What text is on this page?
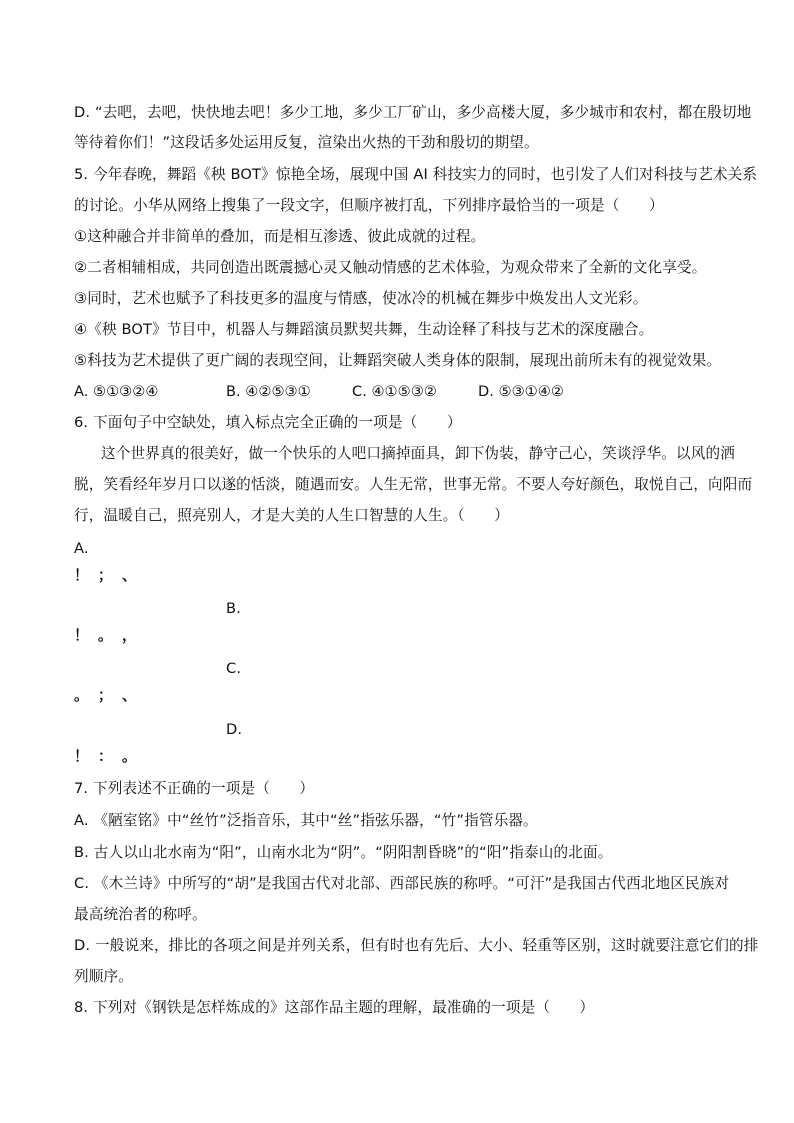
D. “去吧，去吧，快快地去吧！多少工地，多少工厂矿山，多少高楼大厦，多少城市和农村，都在殷切地
等待着你们！”这段话多处运用反复，渲染出火热的干劲和殷切的期望。
5. 今年春晚，舞蹈《秧 BOT》惊艳全场，展现中国 AI 科技实力的同时，也引发了人们对科技与艺术关系
的讨论。小华从网络上搜集了一段文字，但顺序被打乱，下列排序最恰当的一项是（　　）
①这种融合并非简单的叠加，而是相互渗透、彼此成就的过程。
②二者相辅相成，共同创造出既震撼心灵又触动情感的艺术体验，为观众带来了全新的文化享受。
③同时，艺术也赋予了科技更多的温度与情感，使冰冷的机械在舞步中焕发出人文光彩。
④《秧 BOT》节目中，机器人与舞蹈演员默契共舞，生动诠释了科技与艺术的深度融合。
⑤科技为艺术提供了更广阔的表现空间，让舞蹈突破人类身体的限制，展现出前所未有的视觉效果。
A. ⑤①③②④	B. ④②⑤③①	C. ④①⑤③②	D. ⑤③①④②
6. 下面句子中空缺处，填入标点完全正确的一项是（　　）
这个世界真的很美好，做一个快乐的人吧口摘掉面具，卸下伪装，静守己心，笑谈浮华。以风的洒
脱，笑看经年岁月口以遂的恬淡，随遇而安。人生无常，世事无常。不要人夸好颜色，取悦自己，向阳而
行，温暖自己，照亮别人，才是大美的人生口智慧的人生。（　　）
A.
！ ； 、
B.
！ 。 ，
C.
。 ； 、
D.
！ ： 。
7. 下列表述不正确的一项是（　　）
A. 《陋室铭》中“丝竹”泛指音乐，其中“丝”指弦乐器，“竹”指管乐器。
B. 古人以山北水南为“阳”，山南水北为“阴”。“阴阳割昏晓”的“阳”指泰山的北面。
C. 《木兰诗》中所写的“胡”是我国古代对北部、西部民族的称呼。“可汗”是我国古代西北地区民族对
最高统治者的称呼。
D. 一般说来，排比的各项之间是并列关系，但有时也有先后、大小、轻重等区别，这时就要注意它们的排
列顺序。
8. 下列对《钢铁是怎样炼成的》这部作品主题的理解，最准确的一项是（　　）
